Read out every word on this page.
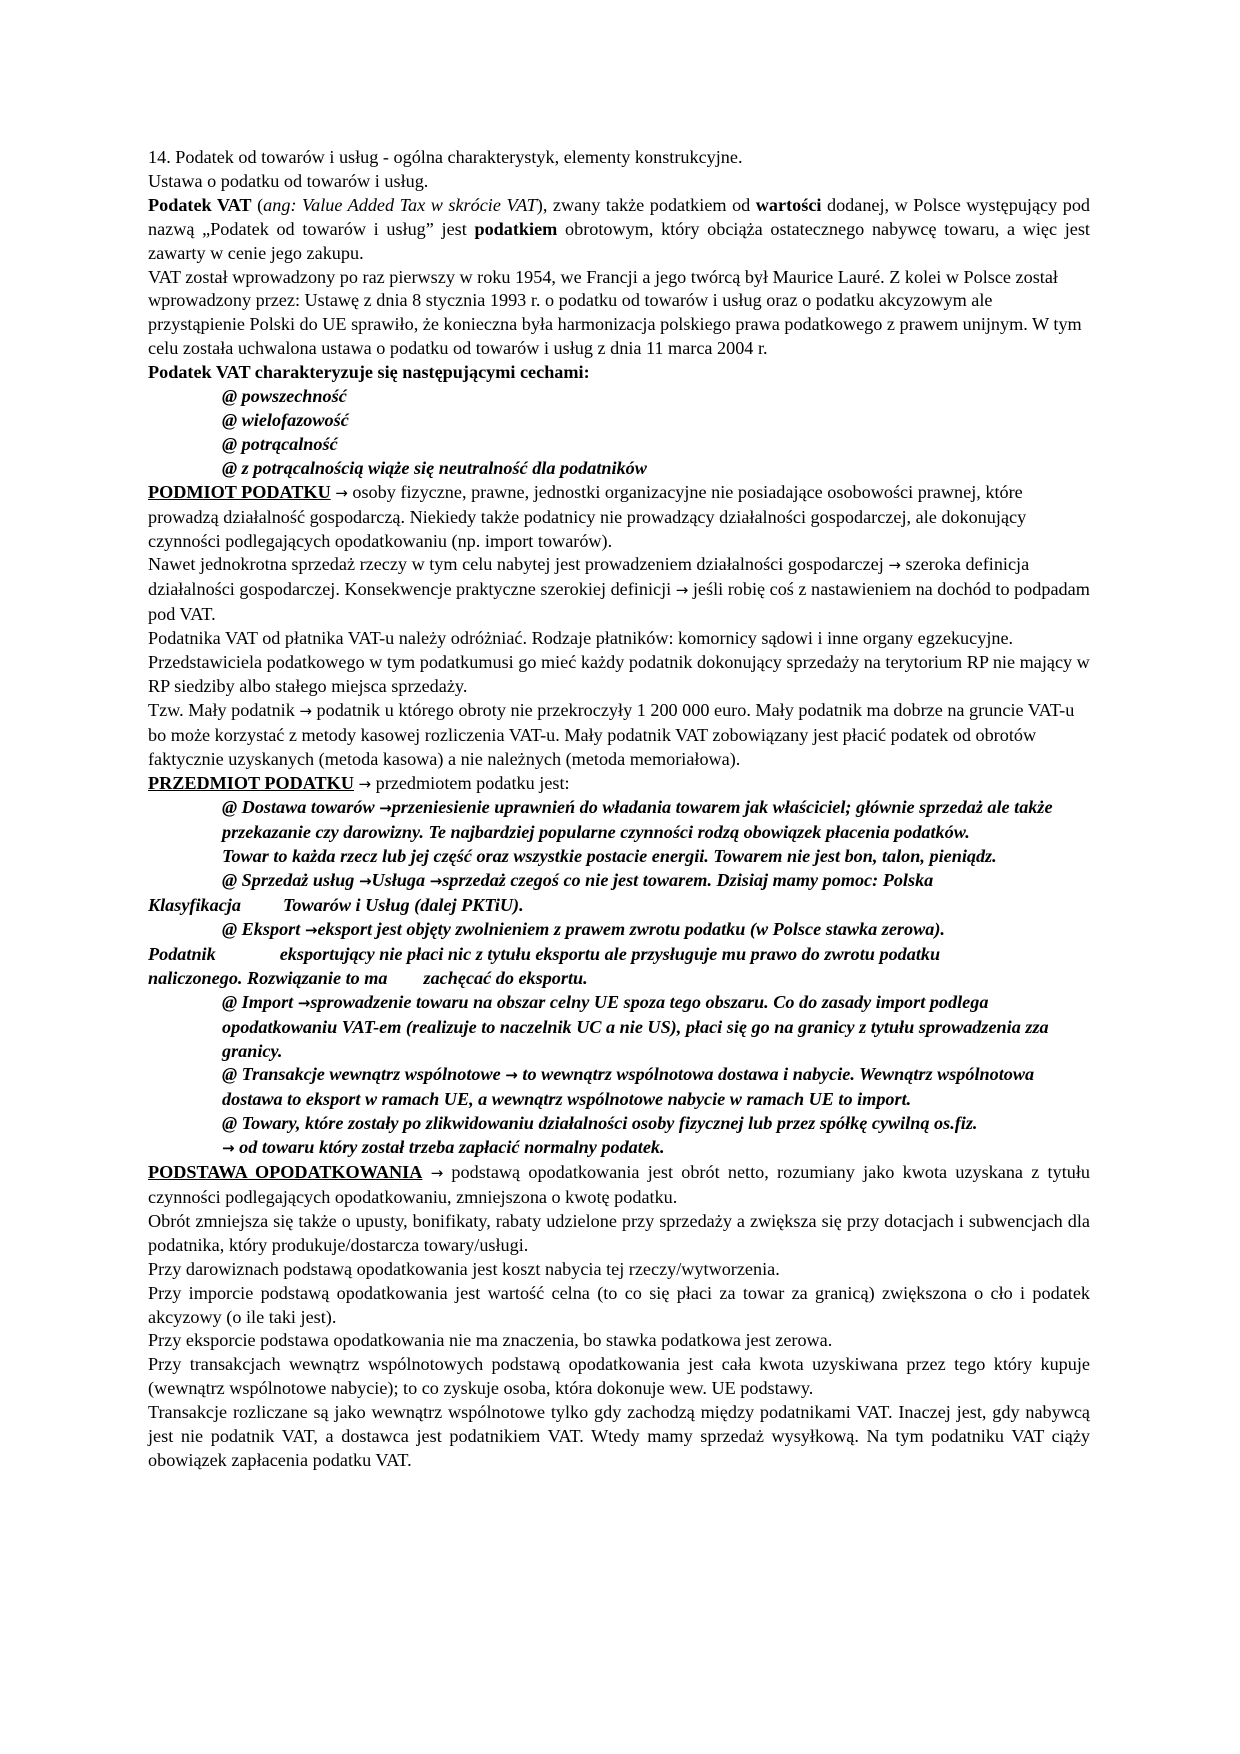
14. Podatek od towarów i usług - ogólna charakterystyk, elementy konstrukcyjne.

Ustawa o podatku od towarów i usług.

Podatek VAT (ang: Value Added Tax w skrócie VAT), zwany także podatkiem od wartości dodanej, w Polsce występujący pod nazwą „Podatek od towarów i usług” jest podatkiem obrotowym, który obciąża ostatecznego nabywcę towaru, a więc jest zawarty w cenie jego zakupu.

VAT został wprowadzony po raz pierwszy w roku 1954, we Francji a jego twórcą był Maurice Lauré. Z kolei w Polsce został wprowadzony przez: Ustawę z dnia 8 stycznia 1993 r. o podatku od towarów i usług oraz o podatku akcyzowym ale przystąpienie Polski do UE sprawiło, że konieczna była harmonizacja polskiego prawa podatkowego z prawem unijnym. W tym celu została uchwalona ustawa o podatku od towarów i usług z dnia 11 marca 2004 r.

Podatek VAT charakteryzuje się następującymi cechami:

@ powszechność

@ wielofazowość

@ potrącalność

@ z potrącalnością wiąże się neutralność dla podatników

PODMIOT PODATKU → osoby fizyczne, prawne, jednostki organizacyjne nie posiadające osobowości prawnej, które prowadzą działalność gospodarczą. Niekiedy także podatnicy nie prowadzący działalności gospodarczej, ale dokonujący czynności podlegających opodatkowaniu (np. import towarów).

Nawet jednokrotna sprzedaż rzeczy w tym celu nabytej jest prowadzeniem działalności gospodarczej → szeroka definicja działalności gospodarczej. Konsekwencje praktyczne szerokiej definicji → jeśli robię coś z nastawieniem na dochód to podpadam pod VAT.

Podatnika VAT od płatnika VAT-u należy odróżniać. Rodzaje płatników: komornicy sądowi i inne organy egzekucyjne.

Przedstawiciela podatkowego w tym podatkumusi go mieć każdy podatnik dokonujący sprzedaży na terytorium RP nie mający w RP siedziby albo stałego miejsca sprzedaży.

Tzw. Mały podatnik → podatnik u którego obroty nie przekroczyły 1 200 000 euro. Mały podatnik ma dobrze na gruncie VAT-u bo może korzystać z metody kasowej rozliczenia VAT-u. Mały podatnik VAT zobowiązany jest płacić podatek od obrotów faktycznie uzyskanych (metoda kasowa) a nie należnych (metoda memoriałowa).

PRZEDMIOT PODATKU → przedmiotem podatku jest:

@ Dostawa towarów →przeniesienie uprawnień do władania towarem jak właściciel; głównie sprzedaż ale także przekazanie czy darowizny. Te najbardziej popularne czynności rodzą obowiązek płacenia podatków.

Towar to każda rzecz lub jej część oraz wszystkie postacie energii. Towarem nie jest bon, talon, pieniądz.

@ Sprzedaż usług →Usługa →sprzedaż czegoś co nie jest towarem. Dzisiaj mamy pomoc: Polska

Klasyfikacja Towarów i Usług (dalej PKTiU).

@ Eksport →eksport jest objęty zwolnieniem z prawem zwrotu podatku (w Polsce stawka zerowa).

Podatnik	eksportujący nie płaci nic z tytułu eksportu ale przysługuje mu prawo do zwrotu podatku

naliczonego. Rozwiązanie to ma zachęcać do eksportu.

@ Import →sprowadzenie towaru na obszar celny UE spoza tego obszaru. Co do zasady import podlega opodatkowaniu VAT-em (realizuje to naczelnik UC a nie US), płaci się go na granicy z tytułu sprowadzenia zza granicy.

@ Transakcje wewnątrz wspólnotowe → to wewnątrz wspólnotowa dostawa i nabycie. Wewnątrz wspólnotowa dostawa to eksport w ramach UE, a wewnątrz wspólnotowe nabycie w ramach UE to import.

@ Towary, które zostały po zlikwidowaniu działalności osoby fizycznej lub przez spółkę cywilną os.fiz.
→ od towaru który został trzeba zapłacić normalny podatek.

PODSTAWA OPODATKOWANIA → podstawą opodatkowania jest obrót netto, rozumiany jako kwota uzyskana z tytułu czynności podlegających opodatkowaniu, zmniejszona o kwotę podatku.

Obrót zmniejsza się także o upusty, bonifikaty, rabaty udzielone przy sprzedaży a zwiększa się przy dotacjach i subwencjach dla podatnika, który produkuje/dostarcza towary/usługi.

Przy darowiznach podstawą opodatkowania jest koszt nabycia tej rzeczy/wytworzenia.

Przy imporcie podstawą opodatkowania jest wartość celna (to co się płaci za towar za granicą) zwiększona o cło i podatek akcyzowy (o ile taki jest).

Przy eksporcie podstawa opodatkowania nie ma znaczenia, bo stawka podatkowa jest zerowa.

Przy transakcjach wewnątrz wspólnotowych podstawą opodatkowania jest cała kwota uzyskiwana przez tego który kupuje (wewnątrz wspólnotowe nabycie); to co zyskuje osoba, która dokonuje wew. UE podstawy.

Transakcje rozliczane są jako wewnątrz wspólnotowe tylko gdy zachodzą między podatnikami VAT. Inaczej jest, gdy nabywcą jest nie podatnik VAT, a dostawca jest podatnikiem VAT. Wtedy mamy sprzedaż wysyłkową. Na tym podatniku VAT ciąży obowiązek zapłacenia podatku VAT.
